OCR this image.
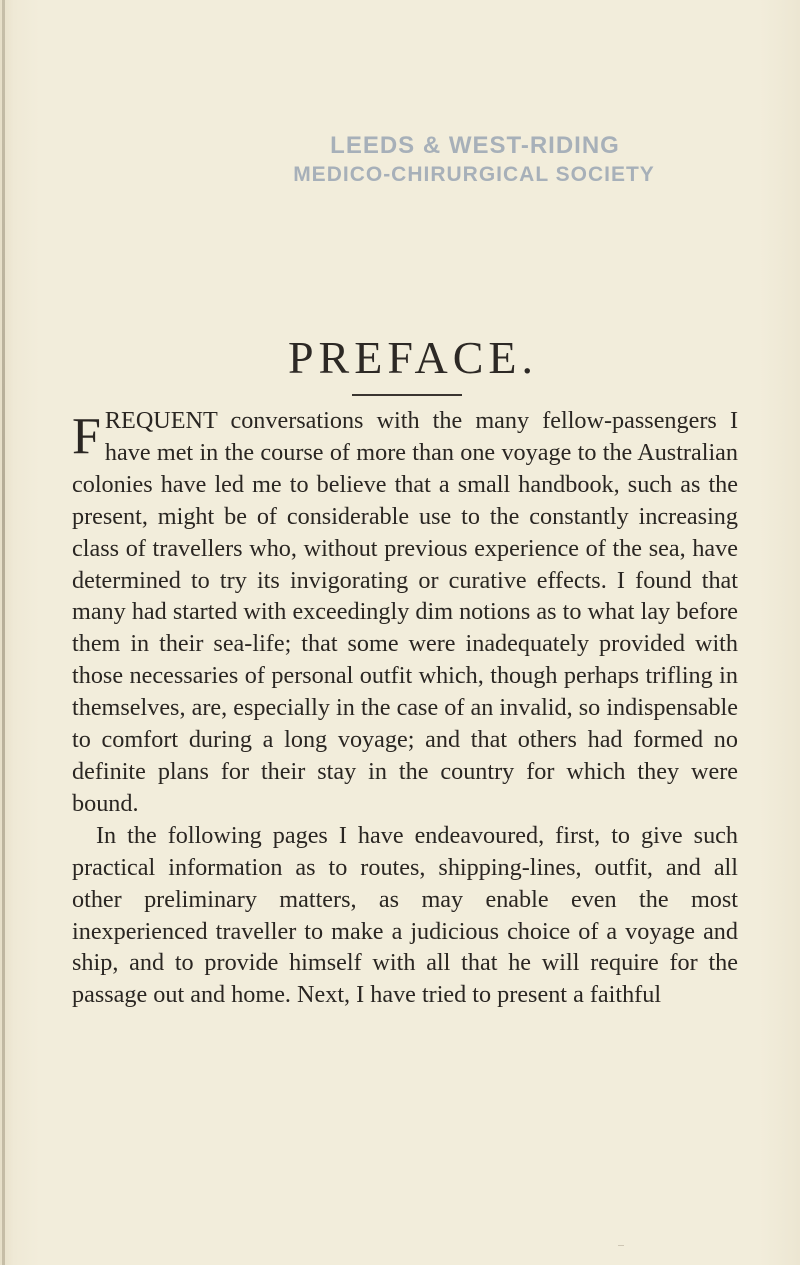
LEEDS & WEST-RIDING
MEDICO-CHIRURGICAL SOCIETY
PREFACE.

FREQUENT conversations with the many fellow-passengers I have met in the course of more than one voyage to the Australian colonies have led me to believe that a small handbook, such as the present, might be of considerable use to the constantly increasing class of travellers who, without previous experience of the sea, have determined to try its invigorating or curative effects. I found that many had started with exceedingly dim notions as to what lay before them in their sea-life; that some were inadequately provided with those necessaries of personal outfit which, though perhaps trifling in themselves, are, especially in the case of an invalid, so indispensable to comfort during a long voyage; and that others had formed no definite plans for their stay in the country for which they were bound.

In the following pages I have endeavoured, first, to give such practical information as to routes, shipping-lines, outfit, and all other preliminary matters, as may enable even the most inexperienced traveller to make a judicious choice of a voyage and ship, and to provide himself with all that he will require for the passage out and home. Next, I have tried to present a faithful
